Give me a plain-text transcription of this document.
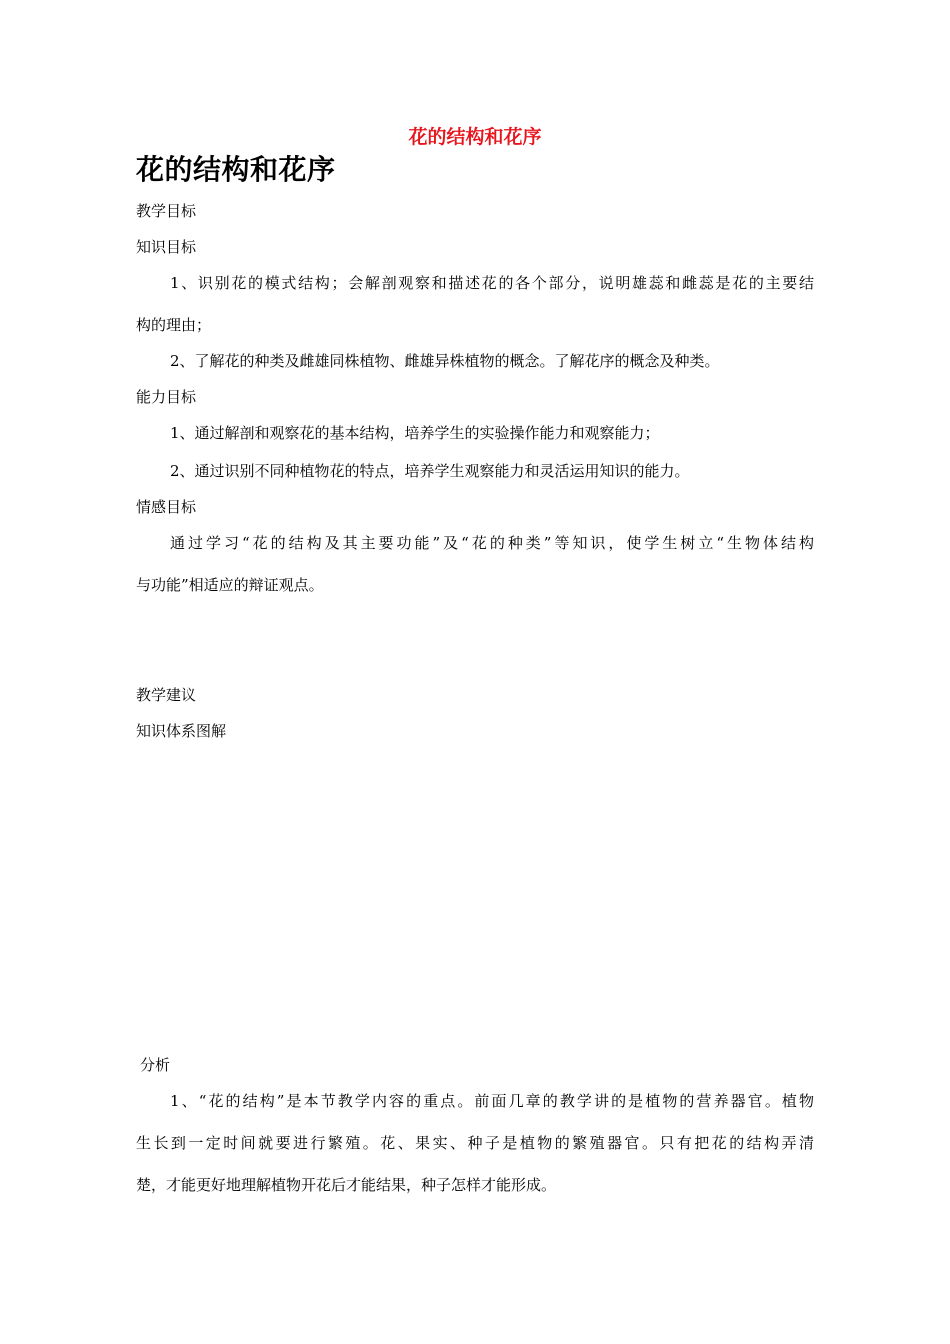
花的结构和花序
花的结构和花序
教学目标
知识目标
1、识别花的模式结构；会解剖观察和描述花的各个部分，说明雄蕊和雌蕊是花的主要结
构的理由；
2、了解花的种类及雌雄同株植物、雌雄异株植物的概念。了解花序的概念及种类。
能力目标
1、通过解剖和观察花的基本结构，培养学生的实验操作能力和观察能力；
2、通过识别不同种植物花的特点，培养学生观察能力和灵活运用知识的能力。
情感目标
通过学习“花的结构及其主要功能”及“花的种类”等知识，使学生树立“生物体结构
与功能”相适应的辩证观点。
教学建议
知识体系图解
分析
1、“花的结构”是本节教学内容的重点。前面几章的教学讲的是植物的营养器官。植物
生长到一定时间就要进行繁殖。花、果实、种子是植物的繁殖器官。只有把花的结构弄清
楚，才能更好地理解植物开花后才能结果，种子怎样才能形成。
